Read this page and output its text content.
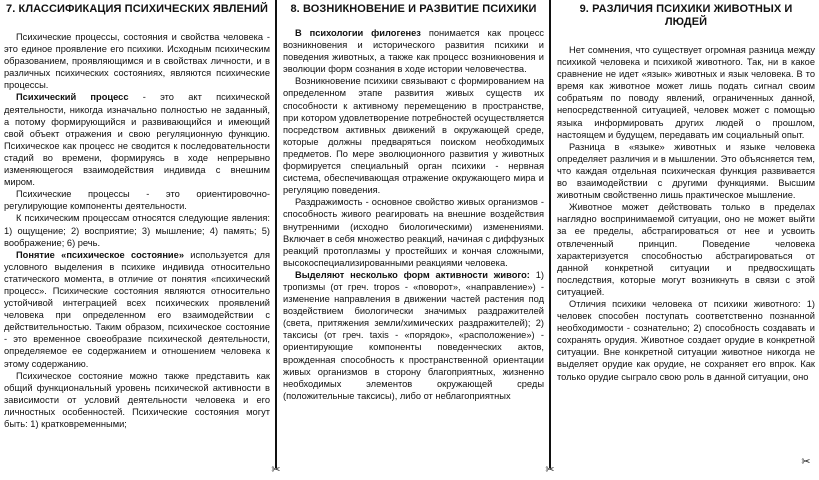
7. КЛАССИФИКАЦИЯ ПСИХИЧЕСКИХ ЯВЛЕНИЙ

Психические процессы, состояния и свойства человека - это единое проявление его психики. Исходным психическим образованием, проявляющимся и в свойствах личности, и в различных психических состояниях, являются психические процессы.

Психический процесс - это акт психической деятельности, никогда изначально полностью не заданный, а потому формирующийся и развивающийся и имеющий свой объект отражения и свою регуляционную функцию. Психическое как процесс не сводится к последовательности стадий во времени, формируясь в ходе непрерывно изменяющегося взаимодействия индивида с внешним миром.

Психические процессы - это ориентировочно-регулирующие компоненты деятельности.

К психическим процессам относятся следующие явления: 1) ощущение; 2) восприятие; 3) мышление; 4) память; 5) воображение; 6) речь.

Понятие «психическое состояние» используется для условного выделения в психике индивида относительно статического момента, в отличие от понятия «психический процесс». Психические состояния являются относительно устойчивой интеграцией всех психических проявлений человека при определенном его взаимодействии с действительностью. Таким образом, психическое состояние - это временное своеобразие психической деятельности, определяемое ее содержанием и отношением человека к этому содержанию.

Психическое состояние можно также представить как общий функциональный уровень психической активности в зависимости от условий деятельности человека и его личностных особенностей. Психические состояния могут быть: 1) кратковременными;

8. ВОЗНИКНОВЕНИЕ И РАЗВИТИЕ ПСИХИКИ

В психологии филогенез понимается как процесс возникновения и исторического развития психики и поведения животных, а также как процесс возникновения и эволюции форм сознания в ходе истории человечества.

Возникновение психики связывают с формированием на определенном этапе развития живых существ их способности к активному перемещению в пространстве, при котором удовлетворение потребностей осуществляется посредством активных движений в окружающей среде, которые должны предваряться поиском необходимых предметов. По мере эволюционного развития у животных формируется специальный орган психики - нервная система, обеспечивающая отражение окружающего мира и регуляцию поведения.

Раздражимость - основное свойство живых организмов - способность живого реагировать на внешние воздействия внутренними (исходно биологическими) изменениями. Включает в себя множество реакций, начиная с диффузных реакций протоплазмы у простейших и кончая сложными, высокоспециализированными реакциями человека.

Выделяют несколько форм активности живого: 1) тропизмы (от греч. tropos - «поворот», «направление») - изменение направления в движении частей растения под воздействием биологически значимых раздражителей (света, притяжения земли/химических раздражителей); 2) таксисы (от греч. taxis - «порядок», «расположение») - ориентирующие компоненты поведенческих актов, врожденная способность к пространственной ориентации живых организмов в сторону благоприятных, жизненно необходимых элементов окружающей среды (положительные таксисы), либо от неблагоприятных

9. РАЗЛИЧИЯ ПСИХИКИ ЖИВОТНЫХ И ЛЮДЕЙ

Нет сомнения, что существует огромная разница между психикой человека и психикой животного. Так, ни в какое сравнение не идет «язык» животных и язык человека. В то время как животное может лишь подать сигнал своим собратьям по поводу явлений, ограниченных данной, непосредственной ситуацией, человек может с помощью языка информировать других людей о прошлом, настоящем и будущем, передавать им социальный опыт.

Разница в «языке» животных и языке человека определяет различия и в мышлении. Это объясняется тем, что каждая отдельная психическая функция развивается во взаимодействии с другими функциями. Высшим животным свойственно лишь практическое мышление.

Животное может действовать только в пределах наглядно воспринимаемой ситуации, оно не может выйти за ее пределы, абстрагироваться от нее и усвоить отвлеченный принцип. Поведение человека характеризуется способностью абстрагироваться от данной конкретной ситуации и предвосхищать последствия, которые могут возникнуть в связи с этой ситуацией.

Отличия психики человека от психики животного: 1) человек способен поступать соответственно познанной необходимости - сознательно; 2) способность создавать и сохранять орудия. Животное создает орудие в конкретной ситуации. Вне конкретной ситуации животное никогда не выделяет орудие как орудие, не сохраняет его впрок. Как только орудие сыграло свою роль в данной ситуации, оно

✂	✂
✂
